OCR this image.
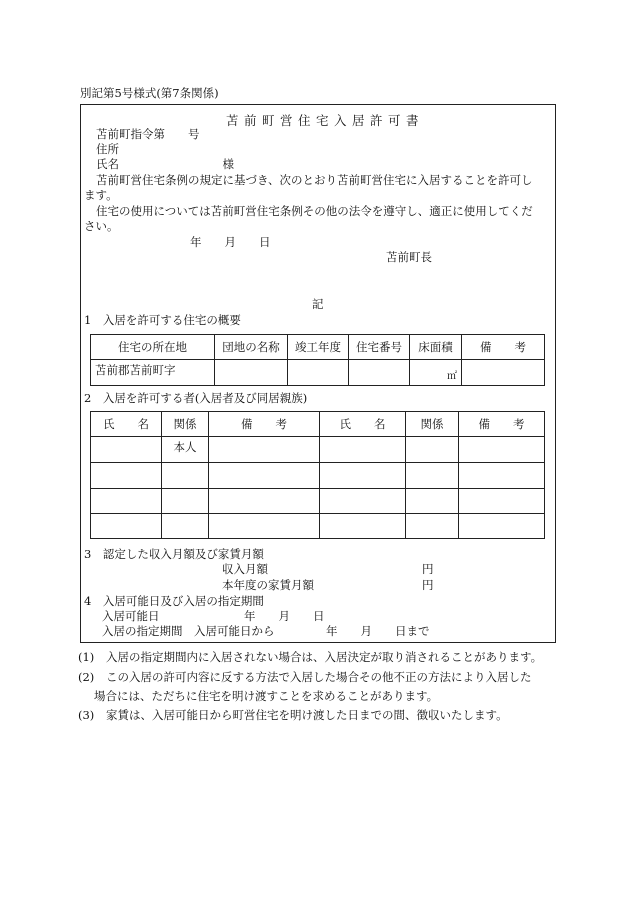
別記第5号様式(第7条関係)
苫前町営住宅入居許可書
苫前町指令第　　号
住所
氏名　　　　　　　　　様
苫前町営住宅条例の規定に基づき、次のとおり苫前町営住宅に入居することを許可し
ます。
住宅の使用については苫前町営住宅条例その他の法令を遵守し、適正に使用してくだ
さい。
年　　月　　日
苫前町長
記
1　入居を許可する住宅の概要
住宅の所在地	団地の名称	竣工年度	住宅番号	床面積	備　　考
苫前郡苫前町字				㎡	

2　入居を許可する者(入居者及び同居親族)
氏　　名	関係	備　　考	氏　　名	関係	備　　考
	本人				

3　認定した収入月額及び家賃月額
収入月額	円
本年度の家賃月額	円
4　入居可能日及び入居の指定期間
入居可能日	年　　月　　日
入居の指定期間　入居可能日から	年　　月　　日まで
(1) 入居の指定期間内に入居されない場合は、入居決定が取り消されることがあります。
(2) この入居の許可内容に反する方法で入居した場合その他不正の方法により入居した
場合には、ただちに住宅を明け渡すことを求めることがあります。
(3) 家賃は、入居可能日から町営住宅を明け渡した日までの間、徴収いたします。
